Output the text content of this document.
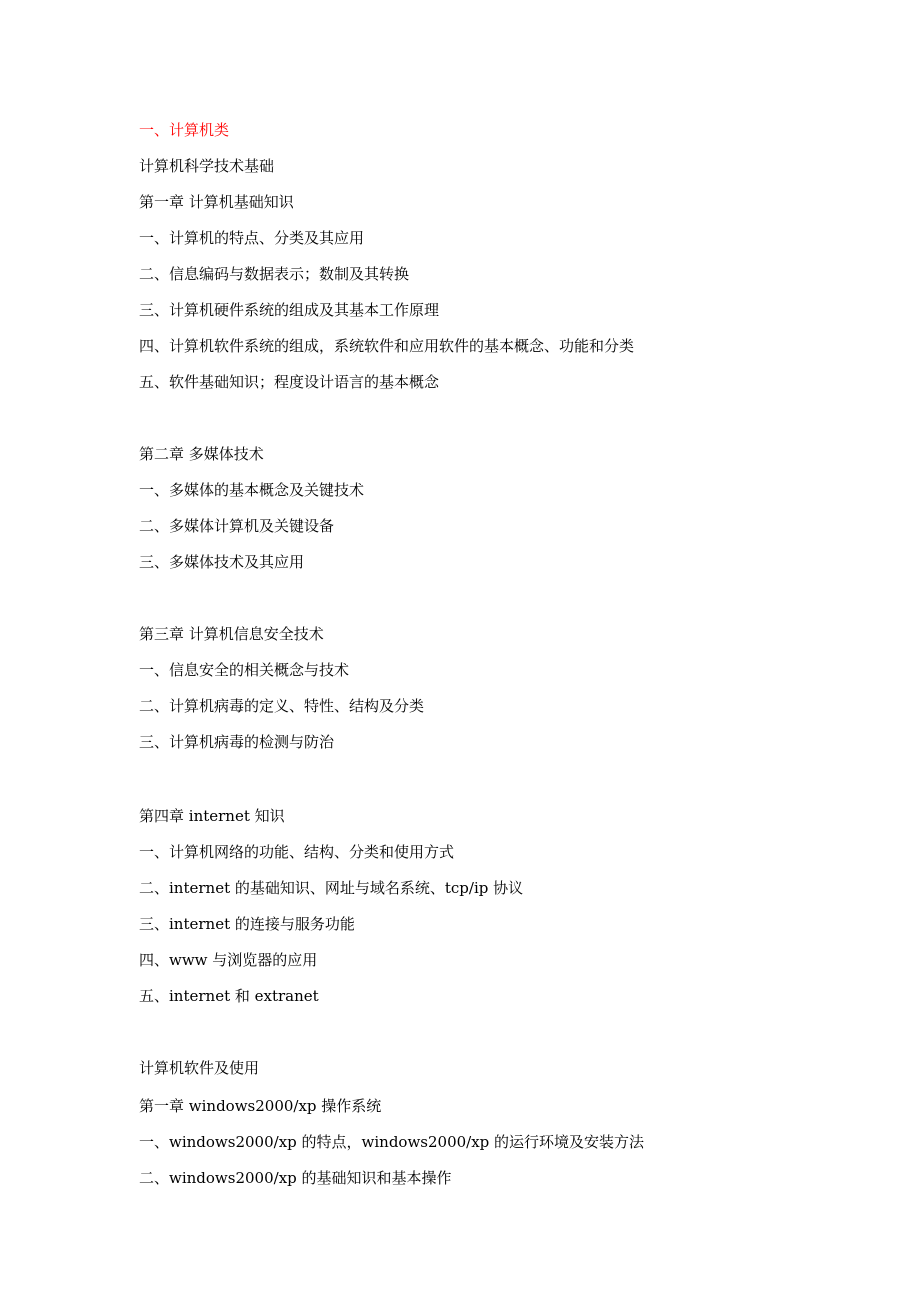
一、计算机类
计算机科学技术基础
第一章 计算机基础知识
一、计算机的特点、分类及其应用
二、信息编码与数据表示；数制及其转换
三、计算机硬件系统的组成及其基本工作原理
四、计算机软件系统的组成，系统软件和应用软件的基本概念、功能和分类
五、软件基础知识；程度设计语言的基本概念
第二章 多媒体技术
一、多媒体的基本概念及关键技术
二、多媒体计算机及关键设备
三、多媒体技术及其应用
第三章 计算机信息安全技术
一、信息安全的相关概念与技术
二、计算机病毒的定义、特性、结构及分类
三、计算机病毒的检测与防治
第四章 internet 知识
一、计算机网络的功能、结构、分类和使用方式
二、internet 的基础知识、网址与域名系统、tcp/ip 协议
三、internet 的连接与服务功能
四、www 与浏览器的应用
五、internet 和 extranet
计算机软件及使用
第一章 windows2000/xp 操作系统
一、windows2000/xp 的特点，windows2000/xp 的运行环境及安装方法
二、windows2000/xp 的基础知识和基本操作
